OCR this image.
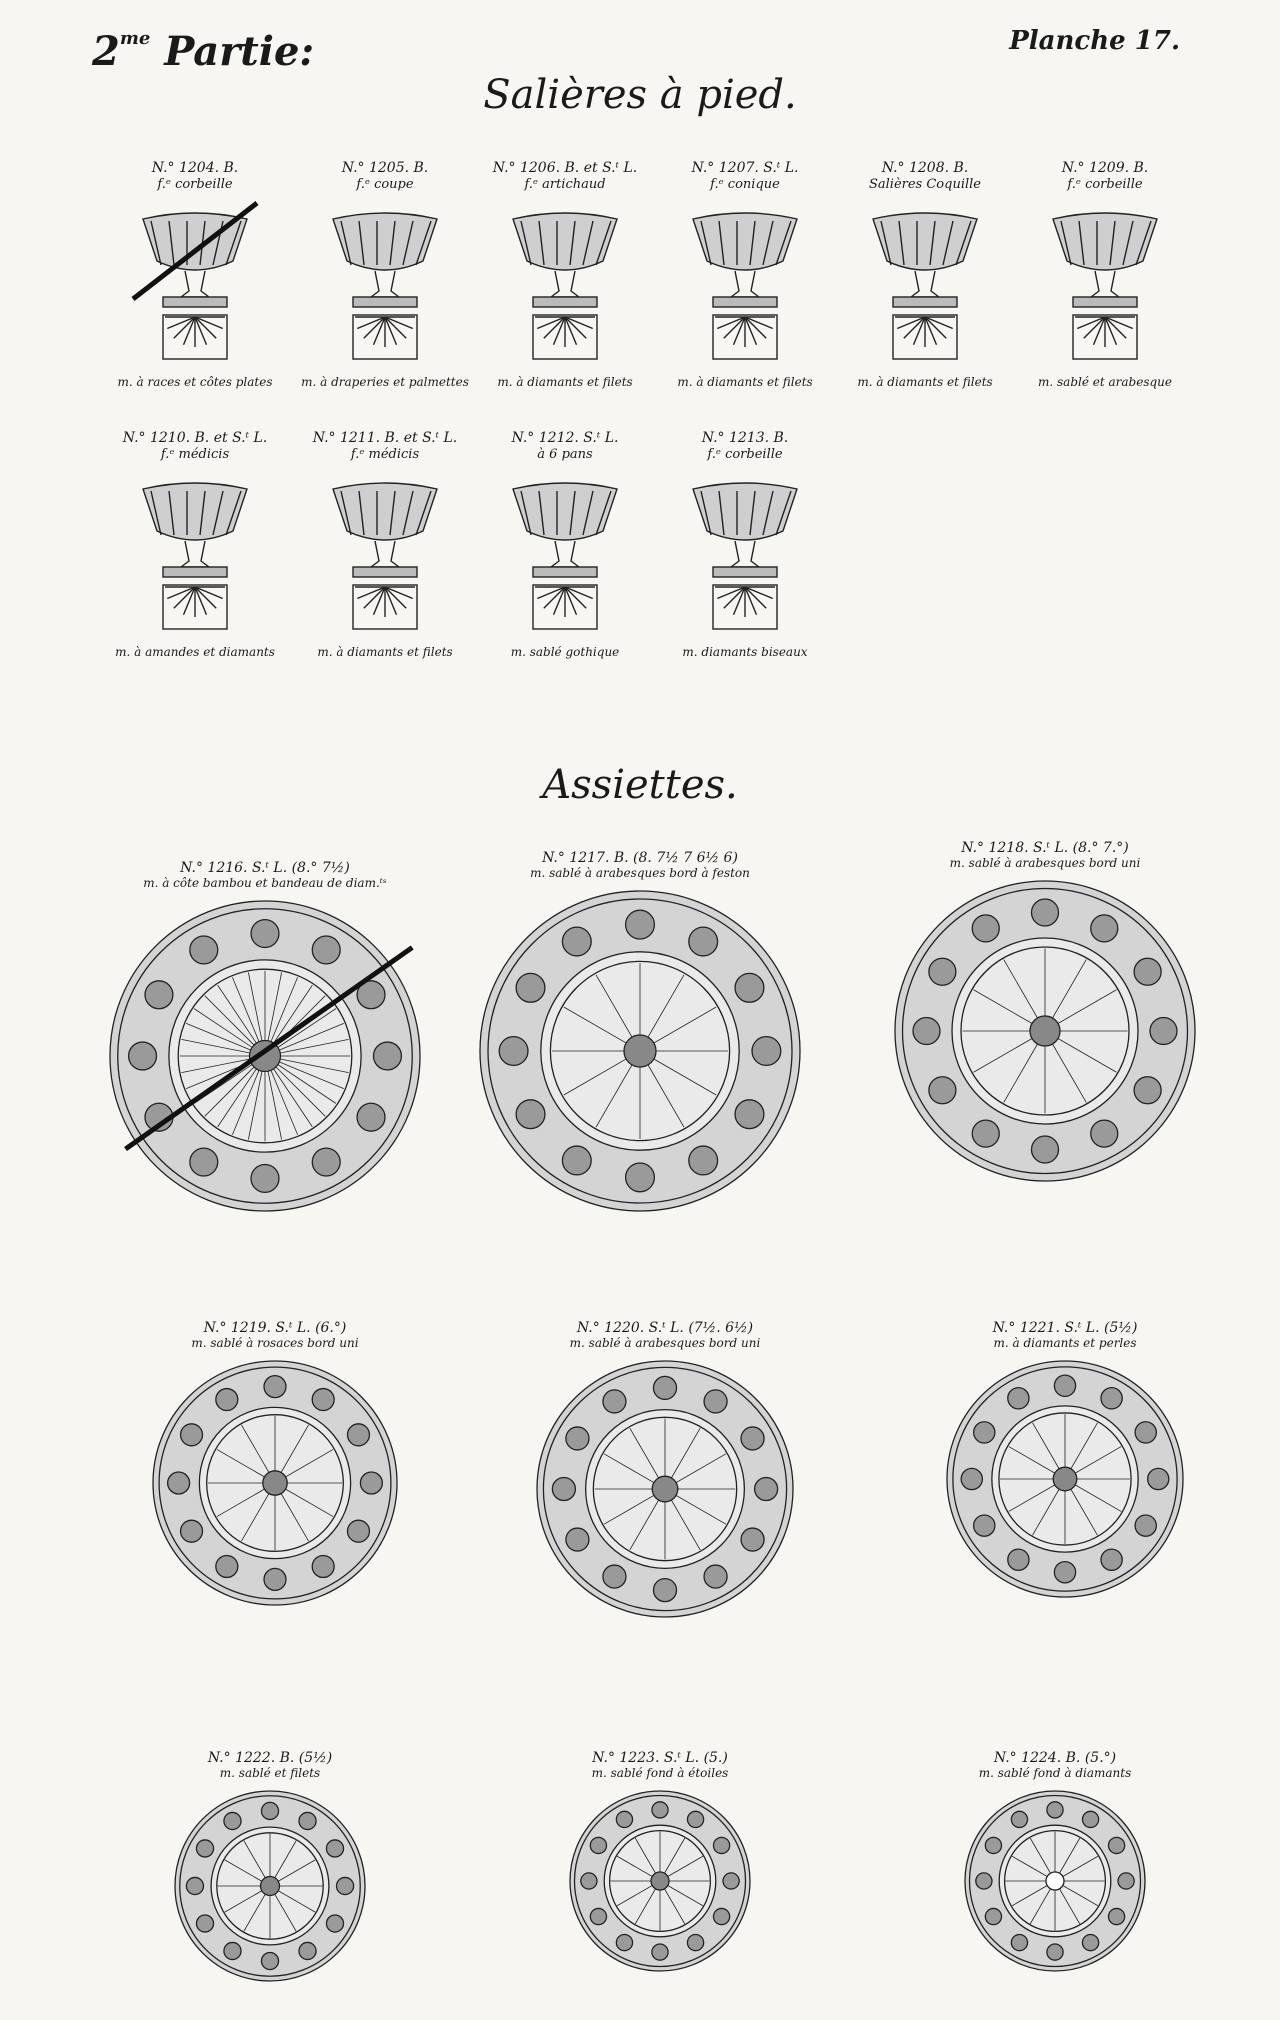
$2^{me}$ Partie:	Planche 17.
Salières à pied.
Assiettes.
N.° 1204. B.
f.ᵉ corbeille
m. à races et côtes plates
N.° 1205. B.
f.ᵉ coupe
m. à draperies et palmettes
N.° 1206. B. et S.ᵗ L.
f.ᵉ artichaud
m. à diamants et filets
N.° 1207. S.ᵗ L.
f.ᵉ conique
m. à diamants et filets
N.° 1208. B.
Salières Coquille
m. à diamants et filets
N.° 1209. B.
f.ᵉ corbeille
m. sablé et arabesque
N.° 1210. B. et S.ᵗ L.
f.ᵉ médicis
m. à amandes et diamants
N.° 1211. B. et S.ᵗ L.
f.ᵉ médicis
m. à diamants et filets
N.° 1212. S.ᵗ L.
à 6 pans
m. sablé gothique
N.° 1213. B.
f.ᵉ corbeille
m. diamants biseaux
N.° 1216. S.ᵗ L. (8.° 7½)
m. à côte bambou et bandeau de diam.ᵗˢ
N.° 1217. B. (8. 7½ 7 6½ 6)
m. sablé à arabesques bord à feston
N.° 1218. S.ᵗ L. (8.° 7.°)
m. sablé à arabesques bord uni
N.° 1219. S.ᵗ L. (6.°)
m. sablé à rosaces bord uni
N.° 1220. S.ᵗ L. (7½. 6½)
m. sablé à arabesques bord uni
N.° 1221. S.ᵗ L. (5½)
m. à diamants et perles
N.° 1222. B. (5½)
m. sablé et filets
N.° 1223. S.ᵗ L. (5.)
m. sablé fond à étoiles
N.° 1224. B. (5.°)
m. sablé fond à diamants
